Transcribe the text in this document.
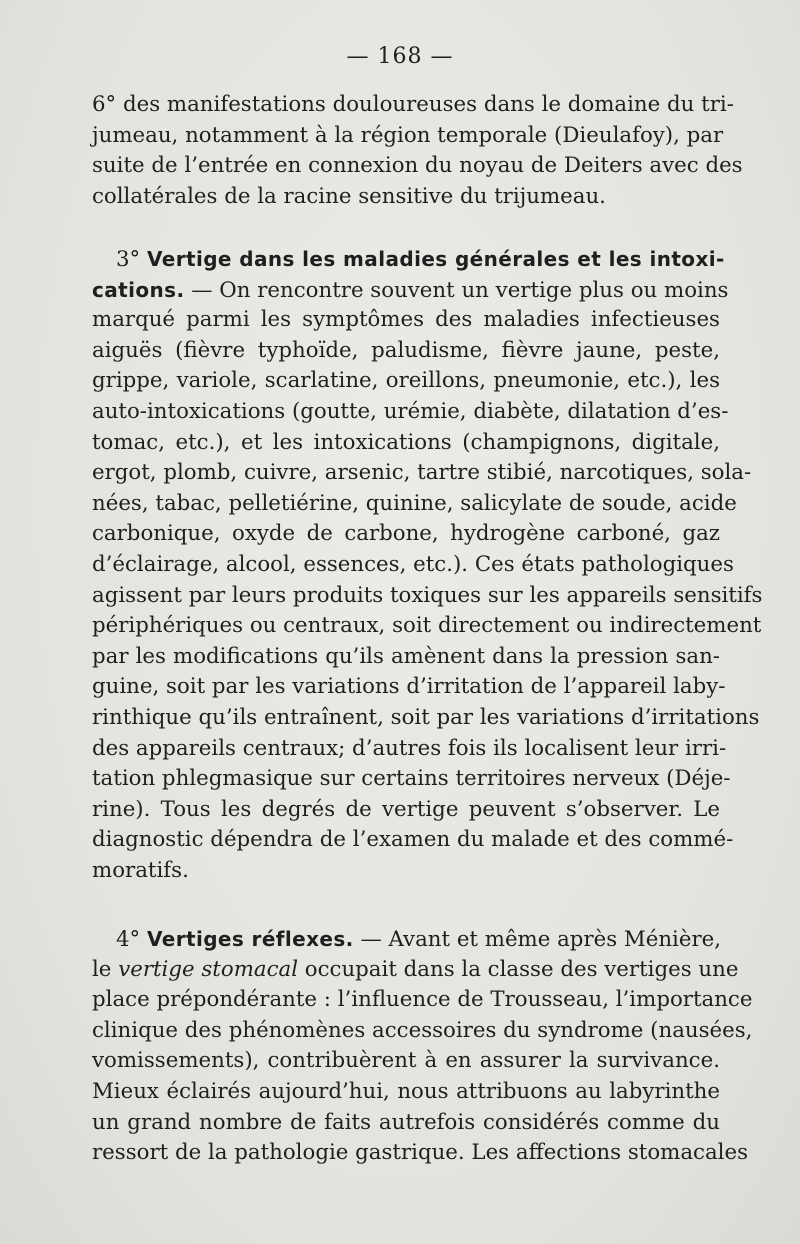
— 168 —
6° des manifestations douloureuses dans le domaine du tri-
jumeau, notamment à la région temporale (Dieulafoy), par
suite de l’entrée en connexion du noyau de Deiters avec des
collatérales de la racine sensitive du trijumeau.
3° Vertige dans les maladies générales et les intoxi-
cations. — On rencontre souvent un vertige plus ou moins
marqué parmi les symptômes des maladies infectieuses
aiguës (fièvre typhoïde, paludisme, fièvre jaune, peste,
grippe, variole, scarlatine, oreillons, pneumonie, etc.), les
auto-intoxications (goutte, urémie, diabète, dilatation d’es-
tomac, etc.), et les intoxications (champignons, digitale,
ergot, plomb, cuivre, arsenic, tartre stibié, narcotiques, sola-
nées, tabac, pelletiérine, quinine, salicylate de soude, acide
carbonique, oxyde de carbone, hydrogène carboné, gaz
d’éclairage, alcool, essences, etc.). Ces états pathologiques
agissent par leurs produits toxiques sur les appareils sensitifs
périphériques ou centraux, soit directement ou indirectement
par les modifications qu’ils amènent dans la pression san-
guine, soit par les variations d’irritation de l’appareil laby-
rinthique qu’ils entraînent, soit par les variations d’irritations
des appareils centraux; d’autres fois ils localisent leur irri-
tation phlegmasique sur certains territoires nerveux (Déje-
rine). Tous les degrés de vertige peuvent s’observer. Le
diagnostic dépendra de l’examen du malade et des commé-
moratifs.
4° Vertiges réflexes. — Avant et même après Ménière,
le vertige stomacal occupait dans la classe des vertiges une
place prépondérante : l’influence de Trousseau, l’importance
clinique des phénomènes accessoires du syndrome (nausées,
vomissements), contribuèrent à en assurer la survivance.
Mieux éclairés aujourd’hui, nous attribuons au labyrinthe
un grand nombre de faits autrefois considérés comme du
ressort de la pathologie gastrique. Les affections stomacales
